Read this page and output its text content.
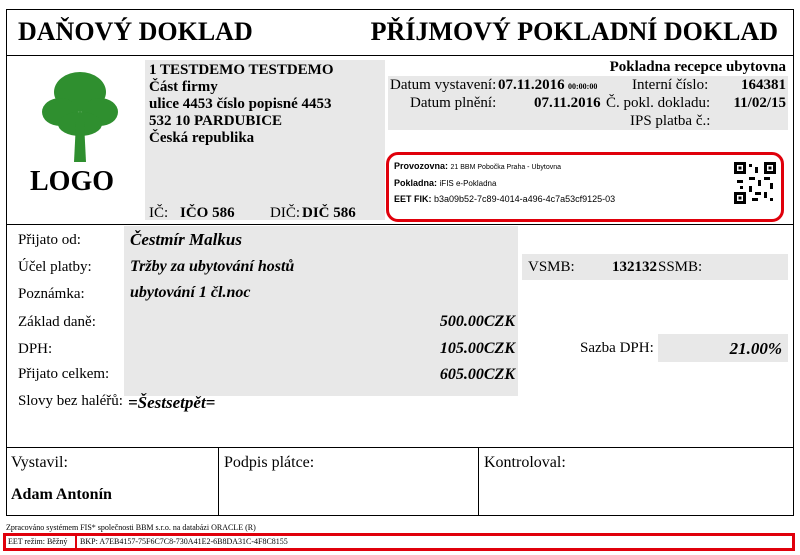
DAŇOVÝ DOKLAD	PŘÍJMOVÝ POKLADNÍ DOKLAD
LOGO
1 TESTDEMO TESTDEMO
Část firmy
ulice 4453 číslo popisné 4453
532 10 PARDUBICE
Česká republika
IČ: IČO 586 DIČ: DIČ 586
Pokladna recepce ubytovna
Datum vystavení: 07.11.2016 00:00:00 Interní číslo: 164381
Datum plnění:	07.11.2016 Č. pokl. dokladu: 11/02/15
IPS platba č.:
Provozovna: 21 BBM Pobočka Praha - Ubytovna
Pokladna: iFIS e-Pokladna
EET FIK: b3a09b52-7c89-4014-a496-4c7a53cf9125-03
Přijato od:	Čestmír Malkus
Účel platby: Tržby za ubytování hostů	VSMB: 132132 SSMB:
Poznámka:	ubytování 1 čl.noc
Základ daně:	500.00CZK
DPH:	105.00CZK	Sazba DPH:	21.00%
Přijato celkem:	605.00CZK
Slovy bez haléřů: =Šestsetpět=
Vystavil:
Adam Antonín
Podpis plátce:	Kontroloval:
Zpracováno systémem FIS* společnosti BBM s.r.o. na databázi ORACLE (R)
EET režim: Běžný BKP: A7EB4157-75F6C7C8-730A41E2-6B8DA31C-4F8C8155
